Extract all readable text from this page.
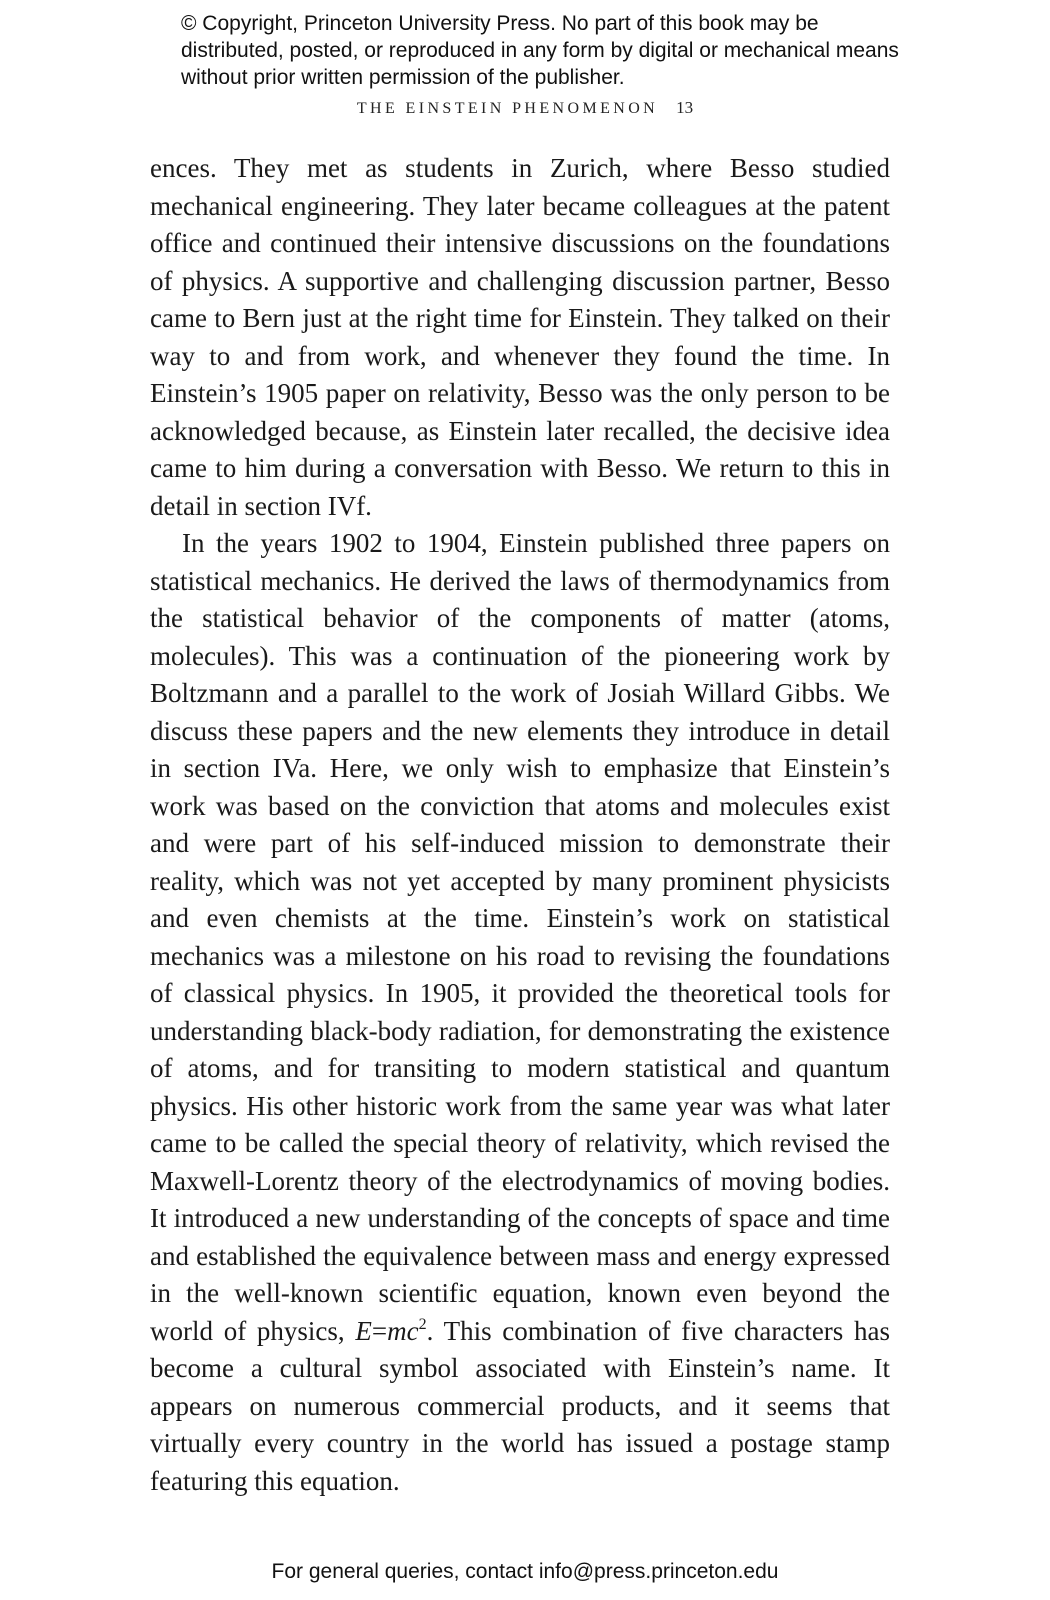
© Copyright, Princeton University Press. No part of this book may be distributed, posted, or reproduced in any form by digital or mechanical means without prior written permission of the publisher.
THE EINSTEIN PHENOMENON 13

ences. They met as students in Zurich, where Besso studied mechanical engineering. They later became colleagues at the patent office and continued their intensive discussions on the foundations of physics. A supportive and challenging discussion partner, Besso came to Bern just at the right time for Einstein. They talked on their way to and from work, and whenever they found the time. In Einstein’s 1905 paper on relativity, Besso was the only person to be acknowledged because, as Einstein later recalled, the decisive idea came to him during a conversation with Besso. We return to this in detail in section IVf.

In the years 1902 to 1904, Einstein published three papers on statistical mechanics. He derived the laws of thermodynamics from the statistical behavior of the components of matter (atoms, molecules). This was a continuation of the pioneering work by Boltzmann and a parallel to the work of Josiah Willard Gibbs. We discuss these papers and the new elements they introduce in detail in section IVa. Here, we only wish to emphasize that Einstein’s work was based on the conviction that atoms and molecules exist and were part of his self-induced mission to demonstrate their reality, which was not yet accepted by many prominent physicists and even chemists at the time. Einstein’s work on statistical mechanics was a milestone on his road to revising the foundations of classical physics. In 1905, it provided the theoretical tools for understanding black-body radiation, for demonstrating the existence of atoms, and for transiting to modern statistical and quantum physics. His other historic work from the same year was what later came to be called the special theory of relativity, which revised the Maxwell-Lorentz theory of the electrodynamics of moving bodies. It introduced a new understanding of the concepts of space and time and established the equivalence between mass and energy expressed in the well-known scientific equation, known even beyond the world of physics, $E=mc^2$. This combination of five characters has become a cultural symbol associated with Einstein’s name. It appears on numerous commercial products, and it seems that virtually every country in the world has issued a postage stamp featuring this equation.

For general queries, contact info@press.princeton.edu
